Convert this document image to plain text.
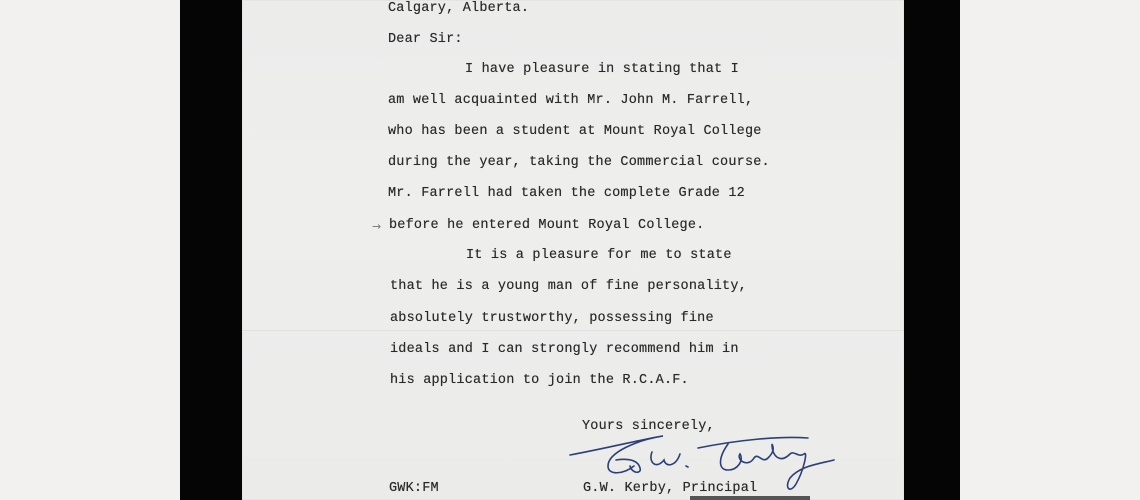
Calgary, Alberta.
Dear Sir:
I have pleasure in stating that I
am well acquainted with Mr. John M. Farrell,
who has been a student at Mount Royal College
during the year, taking the Commercial course.
Mr. Farrell had taken the complete Grade 12
→ before he entered Mount Royal College.
It is a pleasure for me to state
that he is a young man of fine personality,
absolutely trustworthy, possessing fine
ideals and I can strongly recommend him in
his application to join the R.C.A.F.
Yours sincerely,
GWK:FM	G.W. Kerby, Principal
